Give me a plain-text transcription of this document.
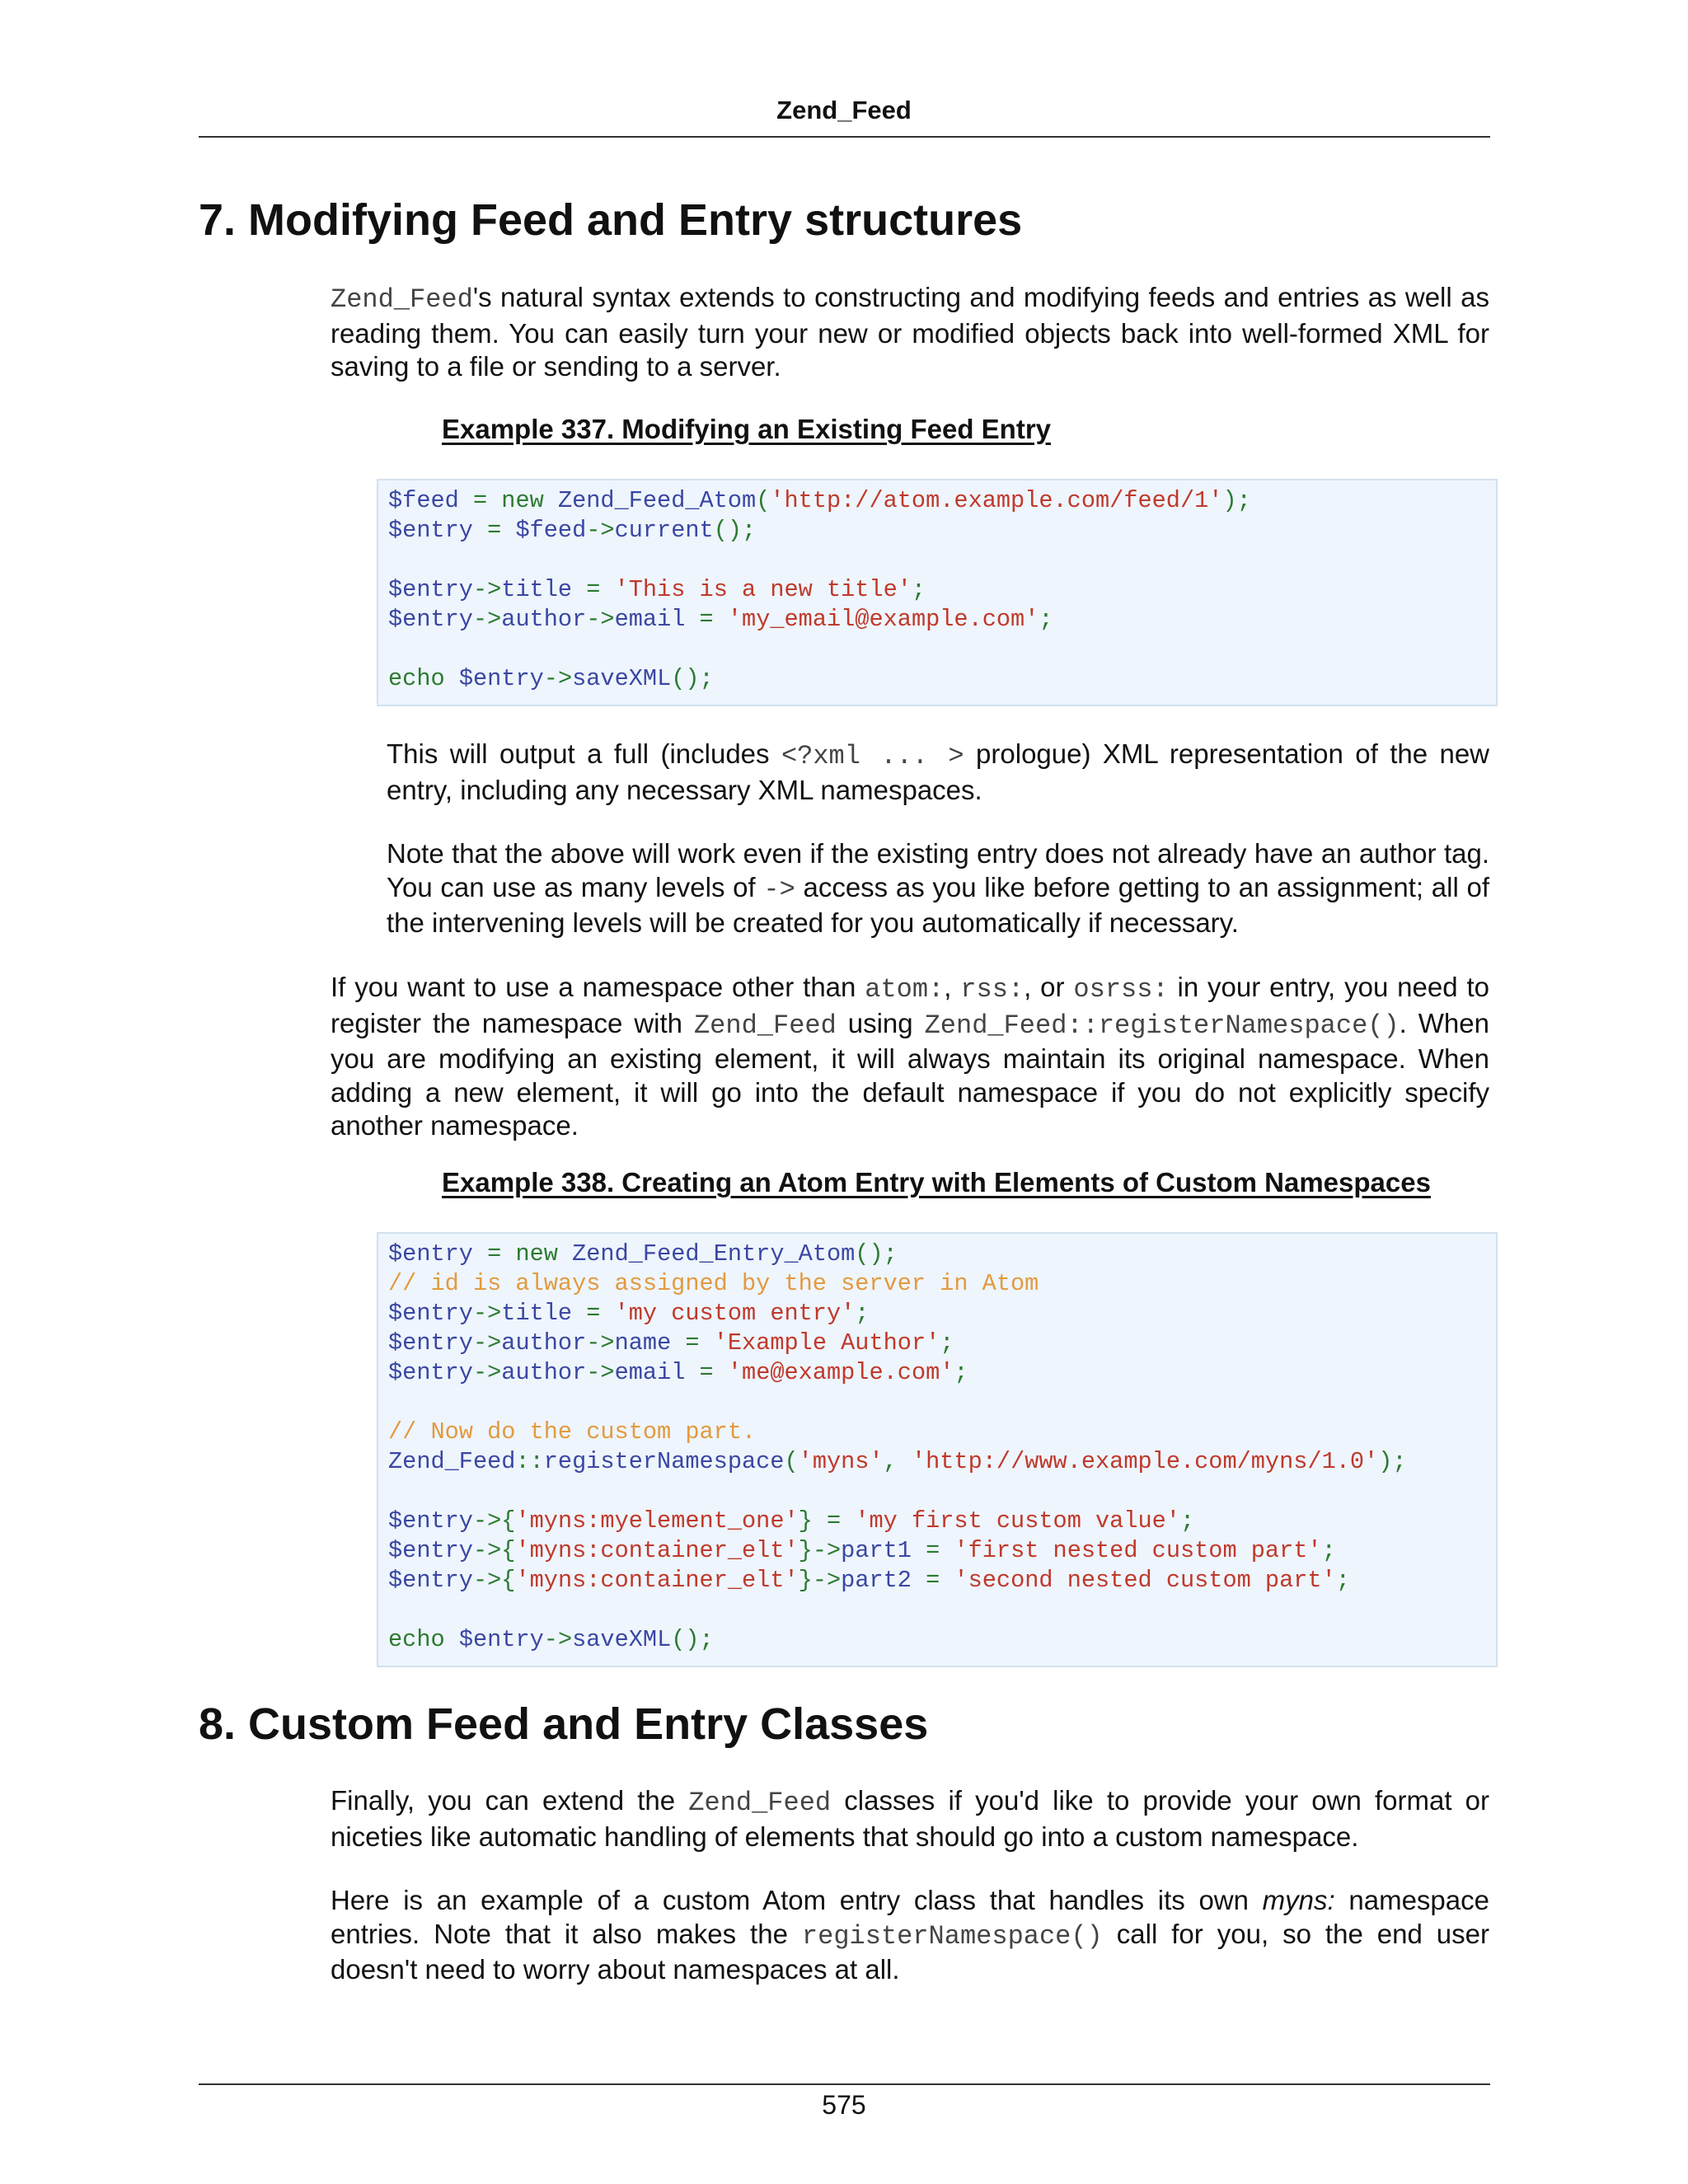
Zend_Feed
7. Modifying Feed and Entry structures

Zend_Feed's natural syntax extends to constructing and modifying feeds and entries as well as reading them. You can easily turn your new or modified objects back into well-formed XML for saving to a file or sending to a server.

Example 337. Modifying an Existing Feed Entry
$feed = new Zend_Feed_Atom('http://atom.example.com/feed/1');
$entry = $feed->current();
$entry->title = 'This is a new title';
$entry->author->email = 'my_email@example.com';
echo $entry->saveXML();

This will output a full (includes <?xml ... > prologue) XML representation of the new entry, including any necessary XML namespaces.

Note that the above will work even if the existing entry does not already have an author tag. You can use as many levels of -> access as you like before getting to an assignment; all of the intervening levels will be created for you automatically if necessary.

If you want to use a namespace other than atom:, rss:, or osrss: in your entry, you need to register the namespace with Zend_Feed using Zend_Feed::registerNamespace(). When you are modifying an existing element, it will always maintain its original namespace. When adding a new element, it will go into the default namespace if you do not explicitly specify another namespace.

Example 338. Creating an Atom Entry with Elements of Custom Namespaces
$entry = new Zend_Feed_Entry_Atom();
// id is always assigned by the server in Atom
$entry->title = 'my custom entry';
$entry->author->name = 'Example Author';
$entry->author->email = 'me@example.com';
// Now do the custom part.
Zend_Feed::registerNamespace('myns', 'http://www.example.com/myns/1.0');
$entry->{'myns:myelement_one'} = 'my first custom value';
$entry->{'myns:container_elt'}->part1 = 'first nested custom part';
$entry->{'myns:container_elt'}->part2 = 'second nested custom part';
echo $entry->saveXML();
8. Custom Feed and Entry Classes

Finally, you can extend the Zend_Feed classes if you'd like to provide your own format or niceties like automatic handling of elements that should go into a custom namespace.

Here is an example of a custom Atom entry class that handles its own myns: namespace entries. Note that it also makes the registerNamespace() call for you, so the end user doesn't need to worry about namespaces at all.

575
